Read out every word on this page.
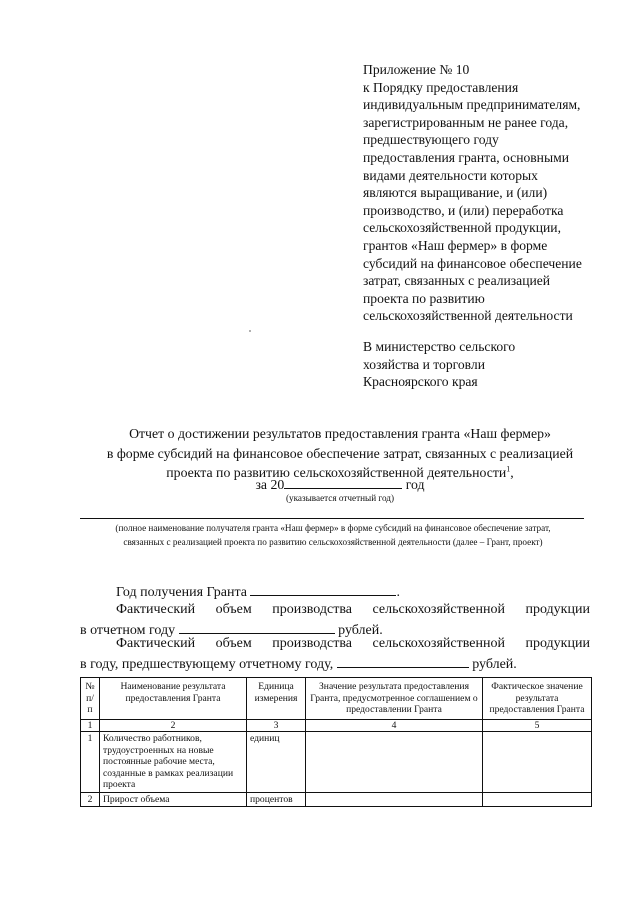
Приложение № 10
к Порядку предоставления
индивидуальным предпринимателям,
зарегистрированным не ранее года,
предшествующего году
предоставления гранта, основными
видами деятельности которых
являются выращивание, и (или)
производство, и (или) переработка
сельскохозяйственной продукции,
грантов «Наш фермер» в форме
субсидий на финансовое обеспечение
затрат, связанных с реализацией
проекта по развитию
сельскохозяйственной деятельности
В министерство сельского
хозяйства и торговли
Красноярского края
Отчет о достижении результатов предоставления гранта «Наш фермер»
в форме субсидий на финансовое обеспечение затрат, связанных с реализацией
проекта по развитию сельскохозяйственной деятельности$^1$,
за 20	год
(указывается отчетный год)
(полное наименование получателя гранта «Наш фермер» в форме субсидий на финансовое обеспечение затрат,
связанных с реализацией проекта по развитию сельскохозяйственной деятельности (далее – Грант, проект)
Год получения Гранта	.
Фактический объем производства сельскохозяйственной продукции
в отчетном году	рублей.
Фактический объем производства сельскохозяйственной продукции
в году, предшествующему отчетному году,	рублей.
№ п/п	Наименование результата предоставления Гранта	Единица измерения	Значение результата предоставления Гранта, предусмотренное соглашением о предоставлении Гранта	Фактическое значение результата предоставления Гранта
1	2	3	4	5
1	Количество работников, трудоустроенных на новые постоянные рабочие места, созданные в рамках реализации проекта	единиц		
2	Прирост объема	процентов		
